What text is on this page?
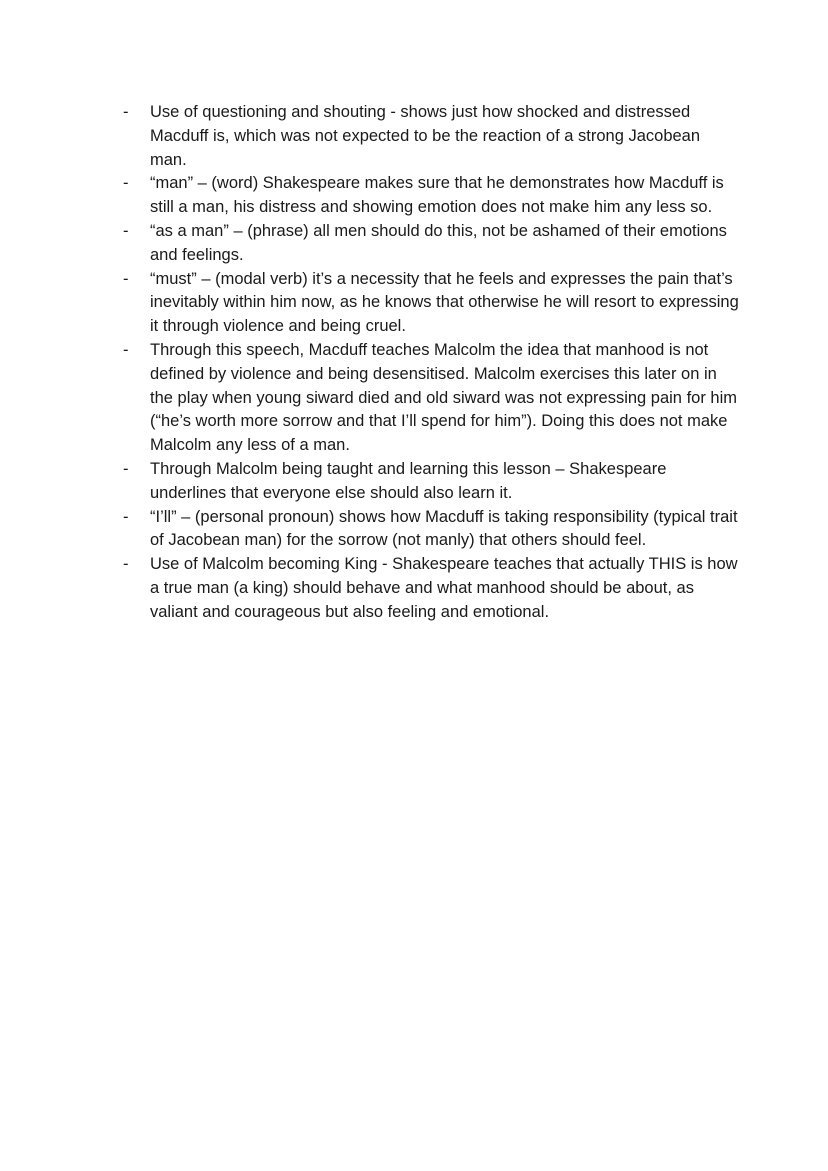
- Use of questioning and shouting - shows just how shocked and distressed Macduff is, which was not expected to be the reaction of a strong Jacobean man.
- “man” – (word) Shakespeare makes sure that he demonstrates how Macduff is still a man, his distress and showing emotion does not make him any less so.
- “as a man” – (phrase) all men should do this, not be ashamed of their emotions and feelings.
- “must” – (modal verb) it’s a necessity that he feels and expresses the pain that’s inevitably within him now, as he knows that otherwise he will resort to expressing it through violence and being cruel.
- Through this speech, Macduff teaches Malcolm the idea that manhood is not defined by violence and being desensitised. Malcolm exercises this later on in the play when young siward died and old siward was not expressing pain for him (“he’s worth more sorrow and that I’ll spend for him”). Doing this does not make Malcolm any less of a man.
- Through Malcolm being taught and learning this lesson – Shakespeare underlines that everyone else should also learn it.
- “I’ll” – (personal pronoun) shows how Macduff is taking responsibility (typical trait of Jacobean man) for the sorrow (not manly) that others should feel.
- Use of Malcolm becoming King - Shakespeare teaches that actually THIS is how a true man (a king) should behave and what manhood should be about, as valiant and courageous but also feeling and emotional.
